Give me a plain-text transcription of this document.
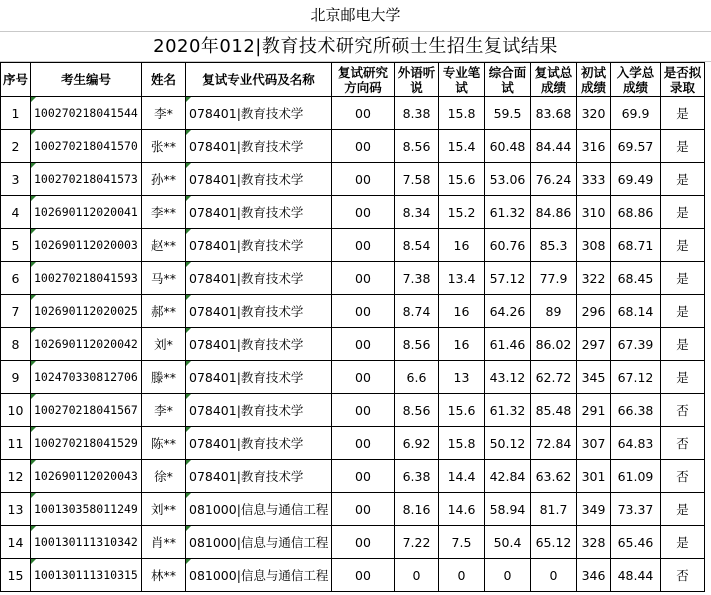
北京邮电大学
2020年012|教育技术研究所硕士生招生复试结果
序号	考生编号	姓名	复试专业代码及名称	复试研究方向码	外语听说	专业笔试	综合面试	复试总成绩	初试成绩	入学总成绩	是否拟录取
1	100270218041544	李*	078401|教育技术学	00	8.38	15.8	59.5	83.68	320	69.9	是
2	100270218041570	张**	078401|教育技术学	00	8.56	15.4	60.48	84.44	316	69.57	是
3	100270218041573	孙**	078401|教育技术学	00	7.58	15.6	53.06	76.24	333	69.49	是
4	102690112020041	李**	078401|教育技术学	00	8.34	15.2	61.32	84.86	310	68.86	是
5	102690112020003	赵**	078401|教育技术学	00	8.54	16	60.76	85.3	308	68.71	是
6	100270218041593	马**	078401|教育技术学	00	7.38	13.4	57.12	77.9	322	68.45	是
7	102690112020025	郝**	078401|教育技术学	00	8.74	16	64.26	89	296	68.14	是
8	102690112020042	刘*	078401|教育技术学	00	8.56	16	61.46	86.02	297	67.39	是
9	102470330812706	滕**	078401|教育技术学	00	6.6	13	43.12	62.72	345	67.12	是
10	100270218041567	李*	078401|教育技术学	00	8.56	15.6	61.32	85.48	291	66.38	否
11	100270218041529	陈**	078401|教育技术学	00	6.92	15.8	50.12	72.84	307	64.83	否
12	102690112020043	徐*	078401|教育技术学	00	6.38	14.4	42.84	63.62	301	61.09	否
13	100130358011249	刘**	081000|信息与通信工程	00	8.16	14.6	58.94	81.7	349	73.37	是
14	100130111310342	肖**	081000|信息与通信工程	00	7.22	7.5	50.4	65.12	328	65.46	是
15	100130111310315	林**	081000|信息与通信工程	00	0	0	0	0	346	48.44	否
